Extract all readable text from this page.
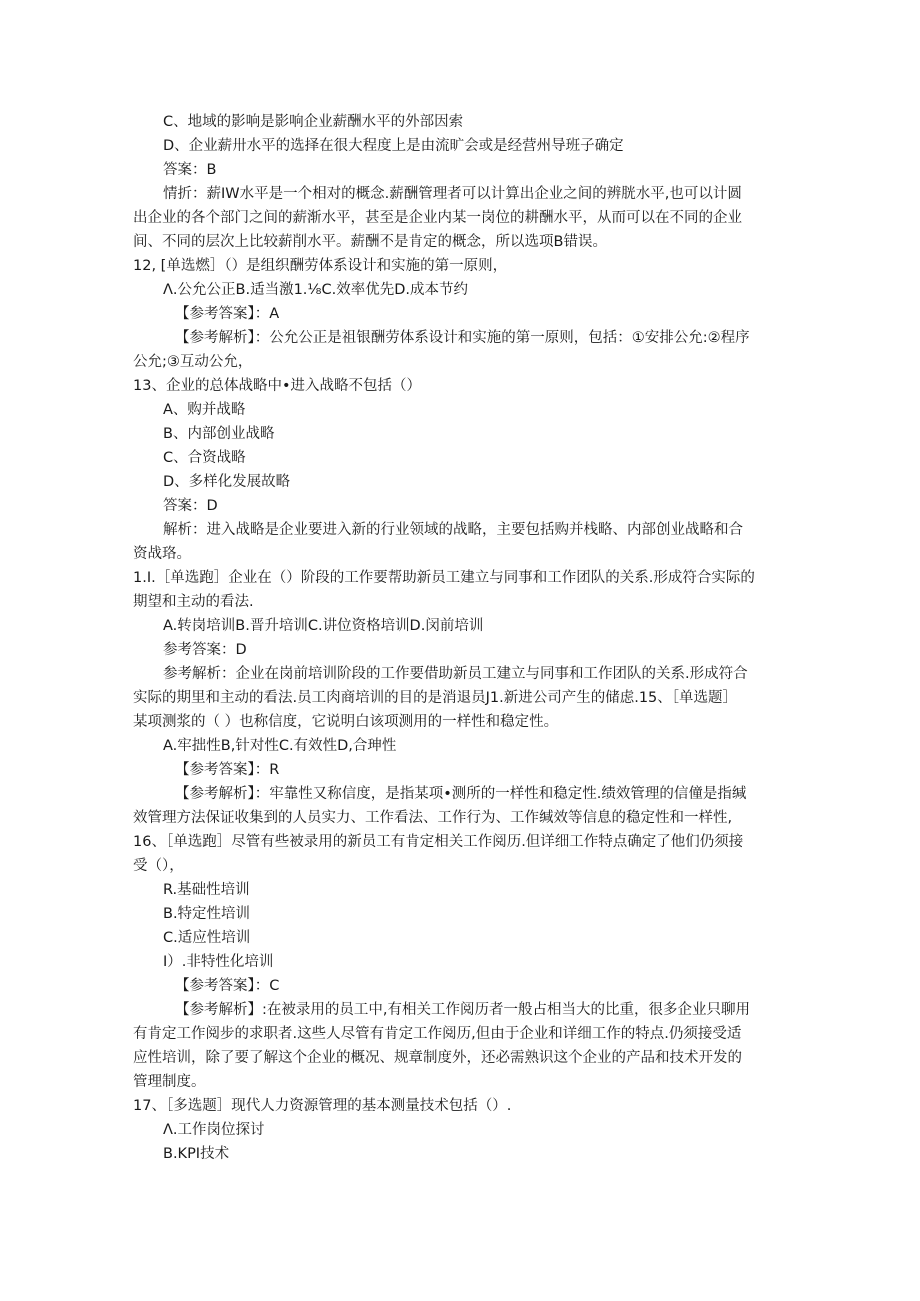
C、地域的影响是影响企业薪酬水平的外部因索
D、企业薪卅水平的选择在很大程度上是由流旷会或是经营州导班子确定
答案：B
情折：薪IW水平是一个相对的概念.薪酬管理者可以计算出企业之间的辨胱水平,也可以计圆
出企业的各个部门之间的薪渐水平，甚至是企业内某一岗位的耕酬水平，从而可以在不同的企业
间、不同的层次上比较薪削水平。薪酬不是肯定的概念，所以选项B错误。
12, [单选燃］（）是组织酬劳体系设计和实施的第一原则，
Λ.公允公正B.适当激1.⅛C.效率优先D.成本节约
【参考答案】：A
【参考解析】：公允公正是祖银酬劳体系设计和实施的第一原则，包括：①安排公允:②程序
公允;③互动公允，
13、企业的总体战略中•进入战略不包括（）
A、购并战略
B、内部创业战略
C、合资战略
D、多样化发展故略
答案：D
解析：进入战略是企业要进入新的行业领域的战略，主要包括购并栈略、内部创业战略和合
资战珞。
1.I.［单选跑］企业在（）阶段的工作要帮助新员工建立与同事和工作团队的关系.形成符合实际的
期望和主动的看法.
A.转岗培训B.晋升培训C.讲位资格培训D.闵前培训
参考答案：D
参考解析：企业在岗前培训阶段的工作要借助新员工建立与同事和工作团队的关系.形成符合
实际的期里和主动的看法.员工肉商培训的目的是消退员J1.新进公司产生的储虑.15、［单选题］
某项测浆的（ ）也称信度，它说明白该项测用的一样性和稳定性。
A.牢拙性B,针对性C.有效性D,合珅性
【参考答案】：R
【参考解析】：牢靠性又称信度，是指某项•测所的一样性和稳定性.绩效管理的信僮是指缄
效管理方法保证收集到的人员实力、工作看法、工作行为、工作缄效等信息的稳定性和一样性,
16、［单选跑］尽管有些被录用的新员工有肯定相关工作阅历.但详细工作特点确定了他们仍须接
受（），
R.基础性培训
B.特定性培训
C.适应性培训
I）.非特性化培训
【参考答案】：C
【参考解析】:在被录用的员工中,有相关工作阅历者一般占相当大的比重，很多企业只聊用
有肯定工作阅步的求职者.这些人尽管有肯定工作阅历,但由于企业和详细工作的特点.仍须接受适
应性培训，除了要了解这个企业的概况、规章制度外，还必需熟识这个企业的产品和技术开发的
管理制度。
17、［多选题］现代人力资源管理的基本测量技术包括（）.
Λ.工作岗位探讨
B.KPI技术
